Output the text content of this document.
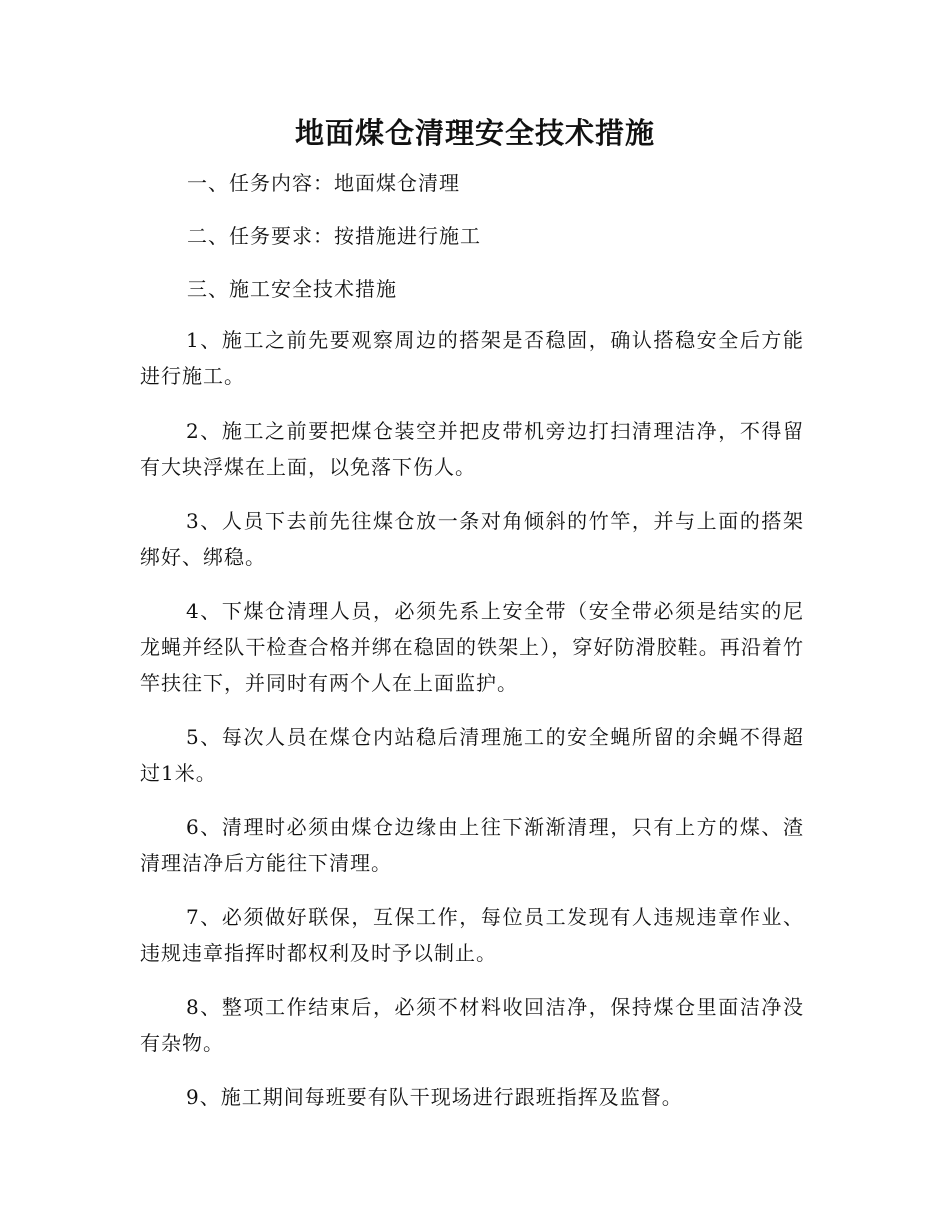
地面煤仓清理安全技术措施

一、任务内容：地面煤仓清理

二、任务要求：按措施进行施工

三、施工安全技术措施

1、施工之前先要观察周边的搭架是否稳固，确认搭稳安全后方能进行施工。

2、施工之前要把煤仓装空并把皮带机旁边打扫清理洁净，不得留有大块浮煤在上面，以免落下伤人。

3、人员下去前先往煤仓放一条对角倾斜的竹竿，并与上面的搭架绑好、绑稳。

4、下煤仓清理人员，必须先系上安全带（安全带必须是结实的尼龙蝇并经队干检查合格并绑在稳固的铁架上），穿好防滑胶鞋。再沿着竹竿扶往下，并同时有两个人在上面监护。

5、每次人员在煤仓内站稳后清理施工的安全蝇所留的余蝇不得超过1米。

6、清理时必须由煤仓边缘由上往下渐渐清理，只有上方的煤、渣清理洁净后方能往下清理。

7、必须做好联保，互保工作，每位员工发现有人违规违章作业、违规违章指挥时都权利及时予以制止。

8、整项工作结束后，必须不材料收回洁净，保持煤仓里面洁净没有杂物。

9、施工期间每班要有队干现场进行跟班指挥及监督。
